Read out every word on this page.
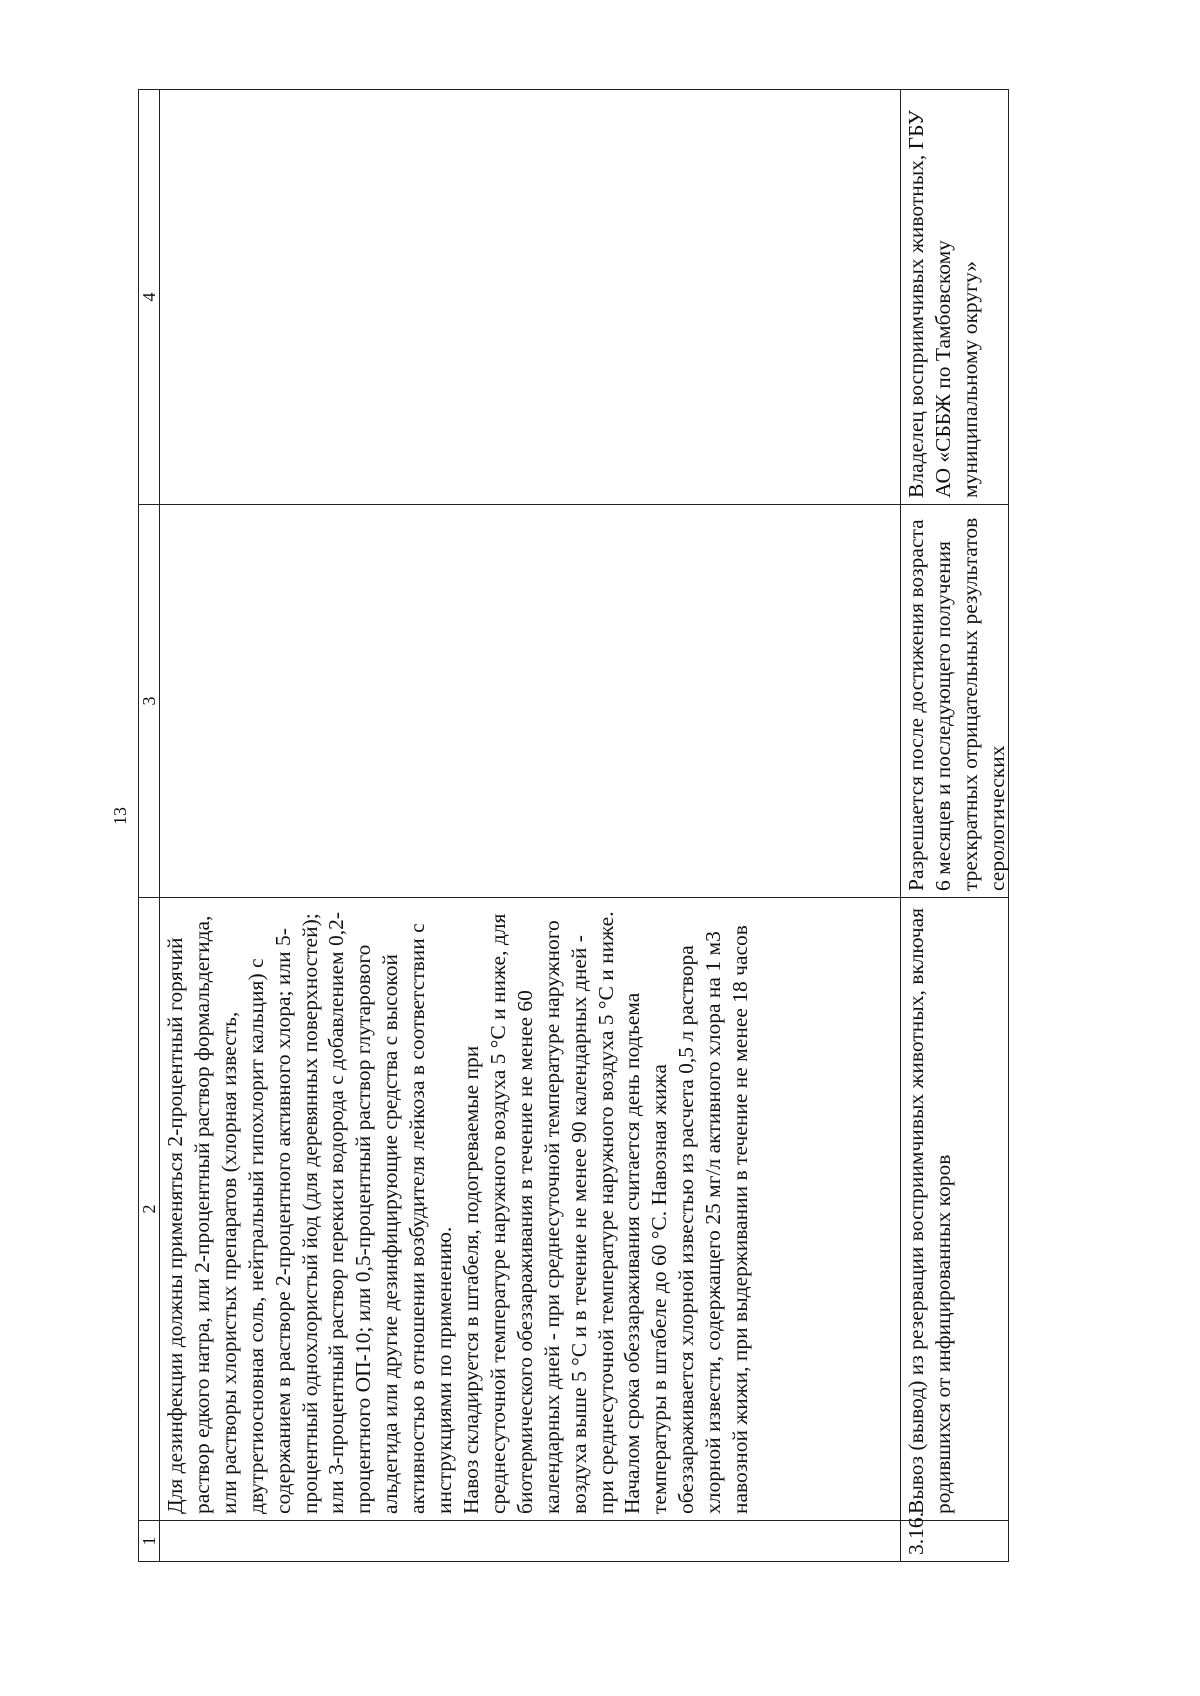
13
1	2	3	4

	Для дезинфекции должны применяться 2-процентный горячий раствор едкого натра, или 2-процентный раствор формальдегида, или растворы хлористых препаратов (хлорная известь, двутретиосновная соль, нейтральный гипохлорит кальция) с содержанием в растворе 2-процентного активного хлора; или 5-процентный однохлористый йод (для деревянных поверхностей); или 3-процентный раствор перекиси водорода с добавлением 0,2-процентного ОП-10; или 0,5-процентный раствор глутарового альдегида или другие дезинфицирующие средства с высокой активностью в отношении возбудителя лейкоза в соответствии с инструкциями по применению. Навоз складируется в штабеля, подогреваемые при среднесуточной температуре наружного воздуха 5 °С и ниже, для биотермического обеззараживания в течение не менее 60 календарных дней - при среднесуточной температуре наружного воздуха выше 5 °С и в течение не менее 90 календарных дней - при среднесуточной температуре наружного воздуха 5 °С и ниже. Началом срока обеззараживания считается день подъема температуры в штабеле до 60 °С. Навозная жижа обеззараживается хлорной известью из расчета 0,5 л раствора хлорной извести, содержащего 25 мг/л активного хлора на 1 м3 навозной жижи, при выдерживании в течение не менее 18 часов		

3.16.	Вывоз (вывод) из резервации восприимчивых животных, включая родившихся от инфицированных коров	Разрешается после достижения возраста 6 месяцев и последующего получения трехкратных отрицательных результатов серологических	Владелец восприимчивых животных, ГБУ АО «СББЖ по Тамбовскому муниципальному округу»
